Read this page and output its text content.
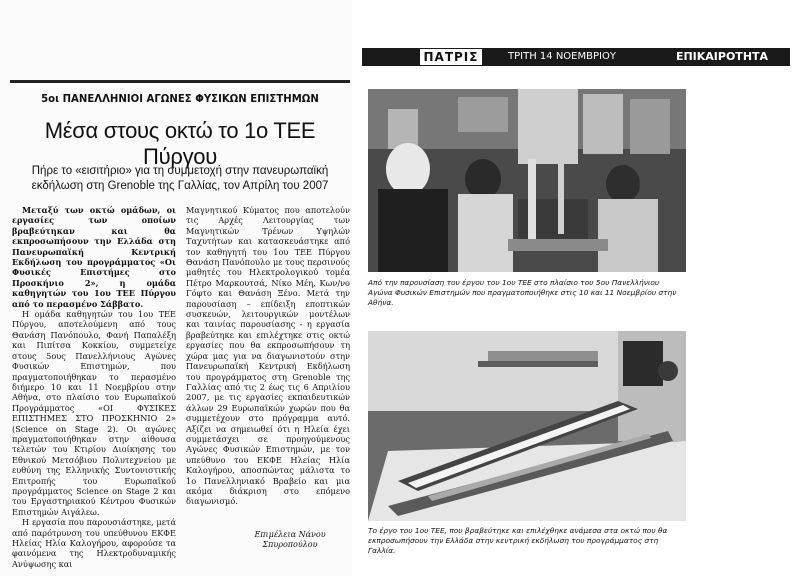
5οι ΠΑΝΕΛΛΗΝΙΟΙ ΑΓΩΝΕΣ ΦΥΣΙΚΩΝ ΕΠΙΣΤΗΜΩΝ
Μέσα στους οκτώ το 1ο ΤΕΕ Πύργου
Πήρε το «εισιτήριο» για τη συμμετοχή στην πανευρωπαϊκή εκδήλωση στη Grenoble της Γαλλίας, τον Απρίλη του 2007

Μεταξύ των οκτώ ομάδων, οι εργασίες των οποίων βραβεύτηκαν και θα εκπροσωπήσουν την Ελλάδα στη Πανευρωπαϊκή Κεντρική Εκδήλωση του προγράμματος «Οι Φυσικές Επιστήμες στο Προσκήνιο 2», η ομάδα καθηγητών του 1ου ΤΕΕ Πύργου από το περασμένο Σάββατο.

Η ομάδα καθηγητών του 1ου ΤΕΕ Πύργου, αποτελούμενη από τους Θανάση Πανόπουλο, Φανή Παπαλέξη και Πιπίτσα Κοκκίου, συμμετείχε στους 5ους Πανελλήνιους Αγώνες Φυσικών Επιστημών, που πραγματοποιήθηκαν το περασμένο διήμερο 10 και 11 Νοεμβρίου στην Αθήνα, στο πλαίσιο του Ευρωπαϊκού Προγράμματος «ΟΙ ΦΥΣΙΚΕΣ ΕΠΙΣΤΗΜΕΣ ΣΤΟ ΠΡΟΣΚΗΝΙΟ 2» (Science on Stage 2). Οι αγώνες πραγματοποιήθηκαν στην αίθουσα τελετών του Κτιρίου Διοίκησης του Εθνικού Μετσόβιου Πολυτεχνείου με ευθύνη της Ελληνικής Συντονιστικής Επιτροπής του Ευρωπαϊκού προγράμματος Science on Stage 2 και του Εργαστηριακού Κέντρου Φυσικών Επιστημών Αιγάλεω.

Η εργασία που παρουσιάστηκε, μετά από παρότρυνση του υπεύθυνου ΕΚΦΕ Ηλείας Ηλία Καλογήρου, αφορούσε τα φαινόμενα της Ηλεκτροδυναμικής Ανύψωσης και

Μαγνητικού Κύματος που αποτελούν τις Αρχές Λειτουργίας των Μαγνητικών Τρένων Υψηλών Ταχυτήτων και κατασκευάστηκε από τον καθηγητή του 1ου ΤΕΕ Πύργου Θανάση Πανόπουλο με τους περσινούς μαθητές του Ηλεκτρολογικού τομέα Πέτρο Μαρκουτσά, Νίκο Μέη, Κων/νο Γόφτο και Θανάση Ξένο. Μετά την παρουσίαση – επίδειξη εποπτικών συσκευών, λειτουργικών μοντέλων και ταινίας παρουσίασης - η εργασία βραβεύτηκε και επιλέχτηκε στις οκτώ εργασίες που θα εκπροσωπήσουν τη χώρα μας για να διαγωνιστούν στην Πανευρωπαϊκή Κεντρική Εκδήλωση του προγράμματος στη Grenoble της Γαλλίας από τις 2 έως τις 6 Απριλίου 2007, με τις εργασίες εκπαιδευτικών άλλων 29 Ευρωπαϊκών χωρών που θα συμμετέχουν στο πρόγραμμα αυτό. Αξίζει να σημειωθεί ότι η Ηλεία έχει συμμετάσχει σε προηγούμενους Αγώνες Φυσικών Επιστημών, με τον υπεύθυνο του ΕΚΦΕ Ηλείας Ηλία Καλογήρου, αποσπώντας μάλιστα το 1ο Πανελληνιακό Βραβείο και μια ακόμα διάκριση στο επόμενο διαγωνισμό.

Επιμέλεια Νάνου
Σπυροπούλου
ΠΑΤΡΙΣ	ΤΡΙΤΗ 14 ΝΟΕΜΒΡΙΟΥ 2006
ΕΠΙΚΑΙΡΟΤΗΤΑ
Από την παρουσίαση του έργου του 1ου ΤΕΕ στο πλαίσιο του 5ου Πανελλήνιου Αγώνα Φυσικών Επιστημών που πραγματοποιήθηκε στις 10 και 11 Νοεμβρίου στην Αθήνα.
Το έργο του 1ου ΤΕΕ, που βραβεύτηκε και επιλέχθηκε ανάμεσα στα οκτώ που θα εκπροσωπήσουν την Ελλάδα στην κεντρική εκδήλωση του προγράμματος στη Γαλλία.
